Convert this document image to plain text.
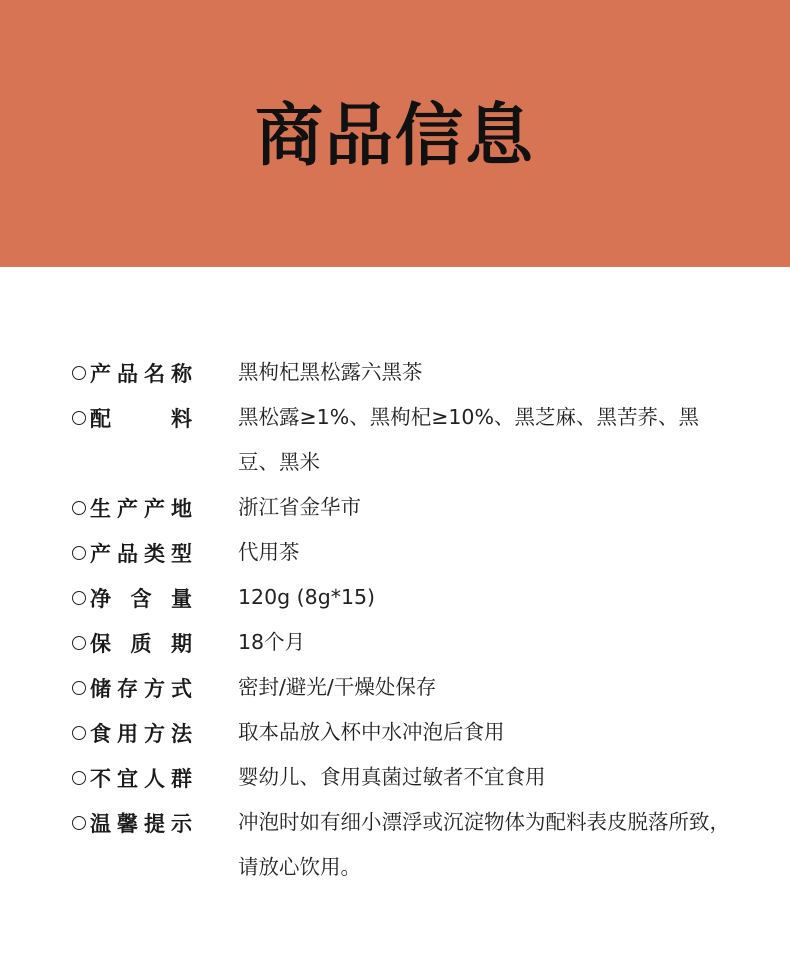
商品信息
产 品 名 称 黑枸杞黑松露六黑茶
配	料 黑松露≥1%、黑枸杞≥10%、黑芝麻、黑苦荞、黑豆、黑米
生 产 产 地 浙江省金华市
产 品 类 型 代用茶
净 含 量 120g (8g*15)
保 质 期 18个月
储 存 方 式 密封/避光/干燥处保存
食 用 方 法 取本品放入杯中水冲泡后食用
不 宜 人 群 婴幼儿、食用真菌过敏者不宜食用
温 馨 提 示 冲泡时如有细小漂浮或沉淀物体为配料表皮脱落所致，请放心饮用。
